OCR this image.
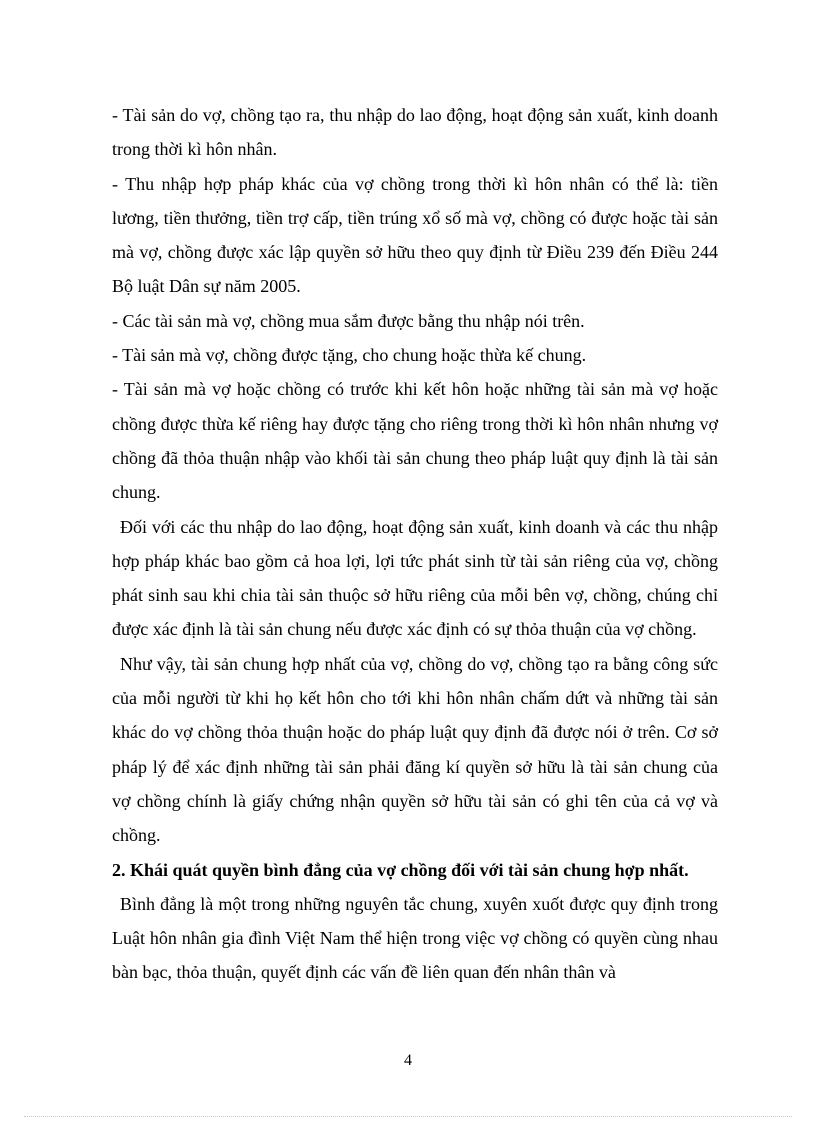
- Tài sản do vợ, chồng tạo ra, thu nhập do lao động, hoạt động sản xuất, kinh doanh trong thời kì hôn nhân.

- Thu nhập hợp pháp khác của vợ chồng trong thời kì hôn nhân có thể là: tiền lương, tiền thưởng, tiền trợ cấp, tiền trúng xổ số mà vợ, chồng có được hoặc tài sản mà vợ, chồng được xác lập quyền sở hữu theo quy định từ Điều 239 đến Điều 244 Bộ luật Dân sự năm 2005.

- Các tài sản mà vợ, chồng mua sắm được bằng thu nhập nói trên.

- Tài sản mà vợ, chồng được tặng, cho chung hoặc thừa kế chung.

- Tài sản mà vợ hoặc chồng có trước khi kết hôn hoặc những tài sản mà vợ hoặc chồng được thừa kế riêng hay được tặng cho riêng trong thời kì hôn nhân nhưng vợ chồng đã thỏa thuận nhập vào khối tài sản chung theo pháp luật quy định là tài sản chung.

Đối với các thu nhập do lao động, hoạt động sản xuất, kinh doanh và các thu nhập hợp pháp khác bao gồm cả hoa lợi, lợi tức phát sinh từ tài sản riêng của vợ, chồng phát sinh sau khi chia tài sản thuộc sở hữu riêng của mỗi bên vợ, chồng, chúng chỉ được xác định là tài sản chung nếu được xác định có sự thỏa thuận của vợ chồng.

Như vậy, tài sản chung hợp nhất của vợ, chồng do vợ, chồng tạo ra bằng công sức của mỗi người từ khi họ kết hôn cho tới khi hôn nhân chấm dứt và những tài sản khác do vợ chồng thỏa thuận hoặc do pháp luật quy định đã được nói ở trên. Cơ sở pháp lý để xác định những tài sản phải đăng kí quyền sở hữu là tài sản chung của vợ chồng chính là giấy chứng nhận quyền sở hữu tài sản có ghi tên của cả vợ và chồng.

2. Khái quát quyền bình đẳng của vợ chồng đối với tài sản chung hợp nhất.

Bình đẳng là một trong những nguyên tắc chung, xuyên xuốt được quy định trong Luật hôn nhân gia đình Việt Nam thể hiện trong việc vợ chồng có quyền cùng nhau bàn bạc, thỏa thuận, quyết định các vấn đề liên quan đến nhân thân và

4
